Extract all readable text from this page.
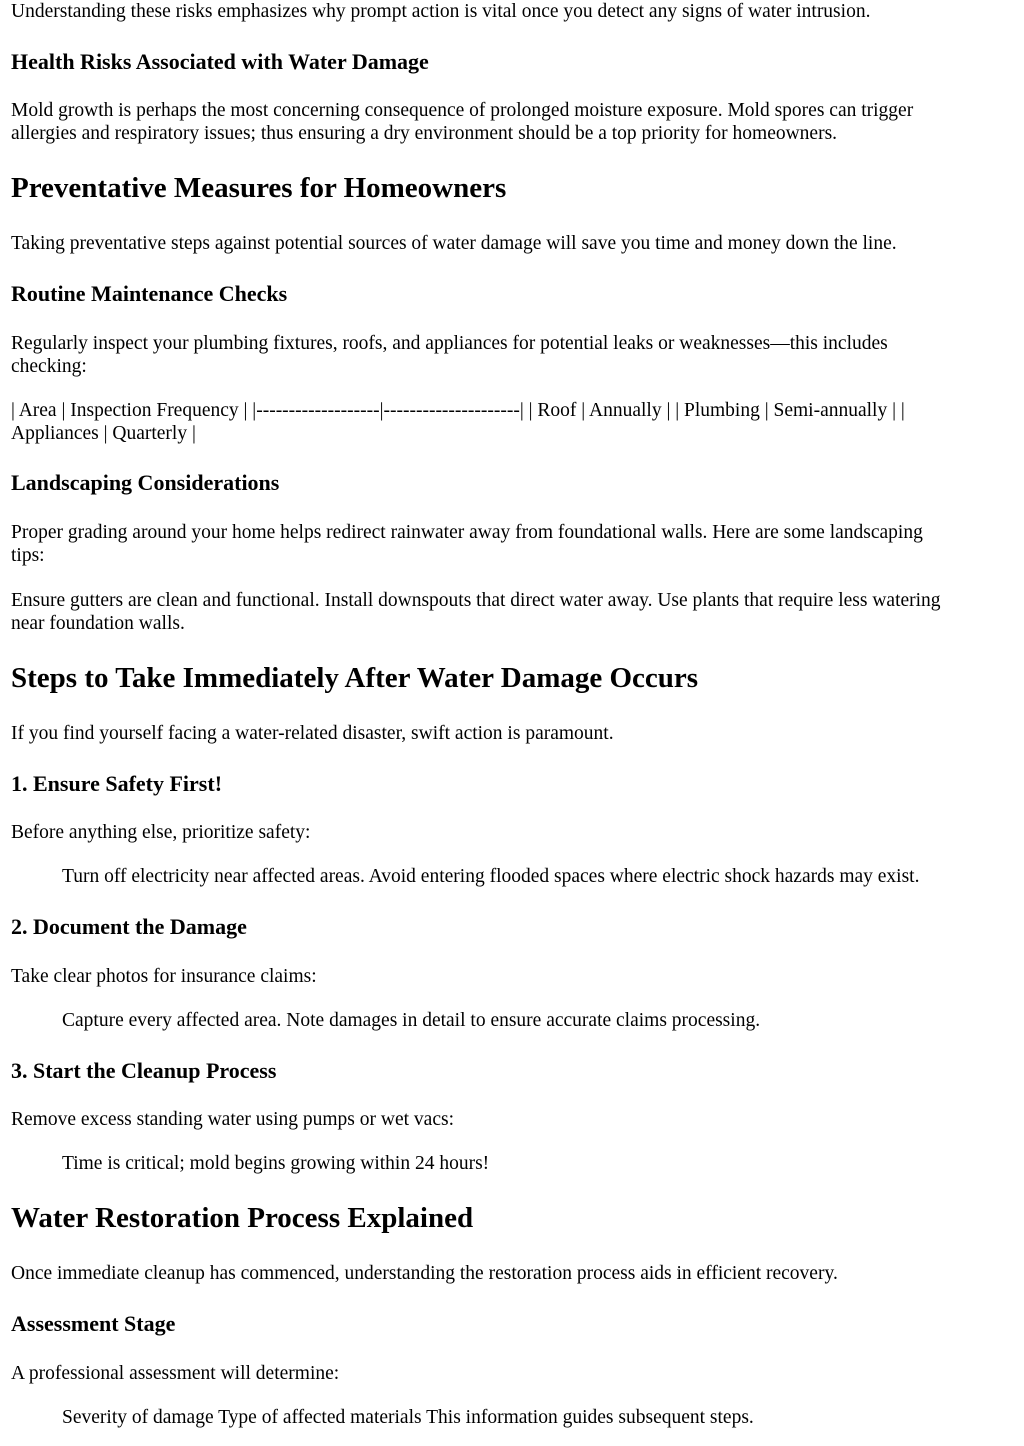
Understanding these risks emphasizes why prompt action is vital once you detect any signs of water intrusion.

Health Risks Associated with Water Damage

Mold growth is perhaps the most concerning consequence of prolonged moisture exposure. Mold spores can trigger

allergies and respiratory issues; thus ensuring a dry environment should be a top priority for homeowners.

Preventative Measures for Homeowners

Taking preventative steps against potential sources of water damage will save you time and money down the line.

Routine Maintenance Checks

Regularly inspect your plumbing fixtures, roofs, and appliances for potential leaks or weaknesses—this includes

checking:

| Area | Inspection Frequency | |-------------------|---------------------| | Roof | Annually | | Plumbing | Semi-annually | |

Appliances | Quarterly |

Landscaping Considerations

Proper grading around your home helps redirect rainwater away from foundational walls. Here are some landscaping

tips:

Ensure gutters are clean and functional. Install downspouts that direct water away. Use plants that require less watering

near foundation walls.

Steps to Take Immediately After Water Damage Occurs

If you find yourself facing a water-related disaster, swift action is paramount.

1. Ensure Safety First!

Before anything else, prioritize safety:

Turn off electricity near affected areas. Avoid entering flooded spaces where electric shock hazards may exist.

2. Document the Damage

Take clear photos for insurance claims:

Capture every affected area. Note damages in detail to ensure accurate claims processing.

3. Start the Cleanup Process

Remove excess standing water using pumps or wet vacs:

Time is critical; mold begins growing within 24 hours!

Water Restoration Process Explained

Once immediate cleanup has commenced, understanding the restoration process aids in efficient recovery.

Assessment Stage

A professional assessment will determine:

Severity of damage Type of affected materials This information guides subsequent steps.
